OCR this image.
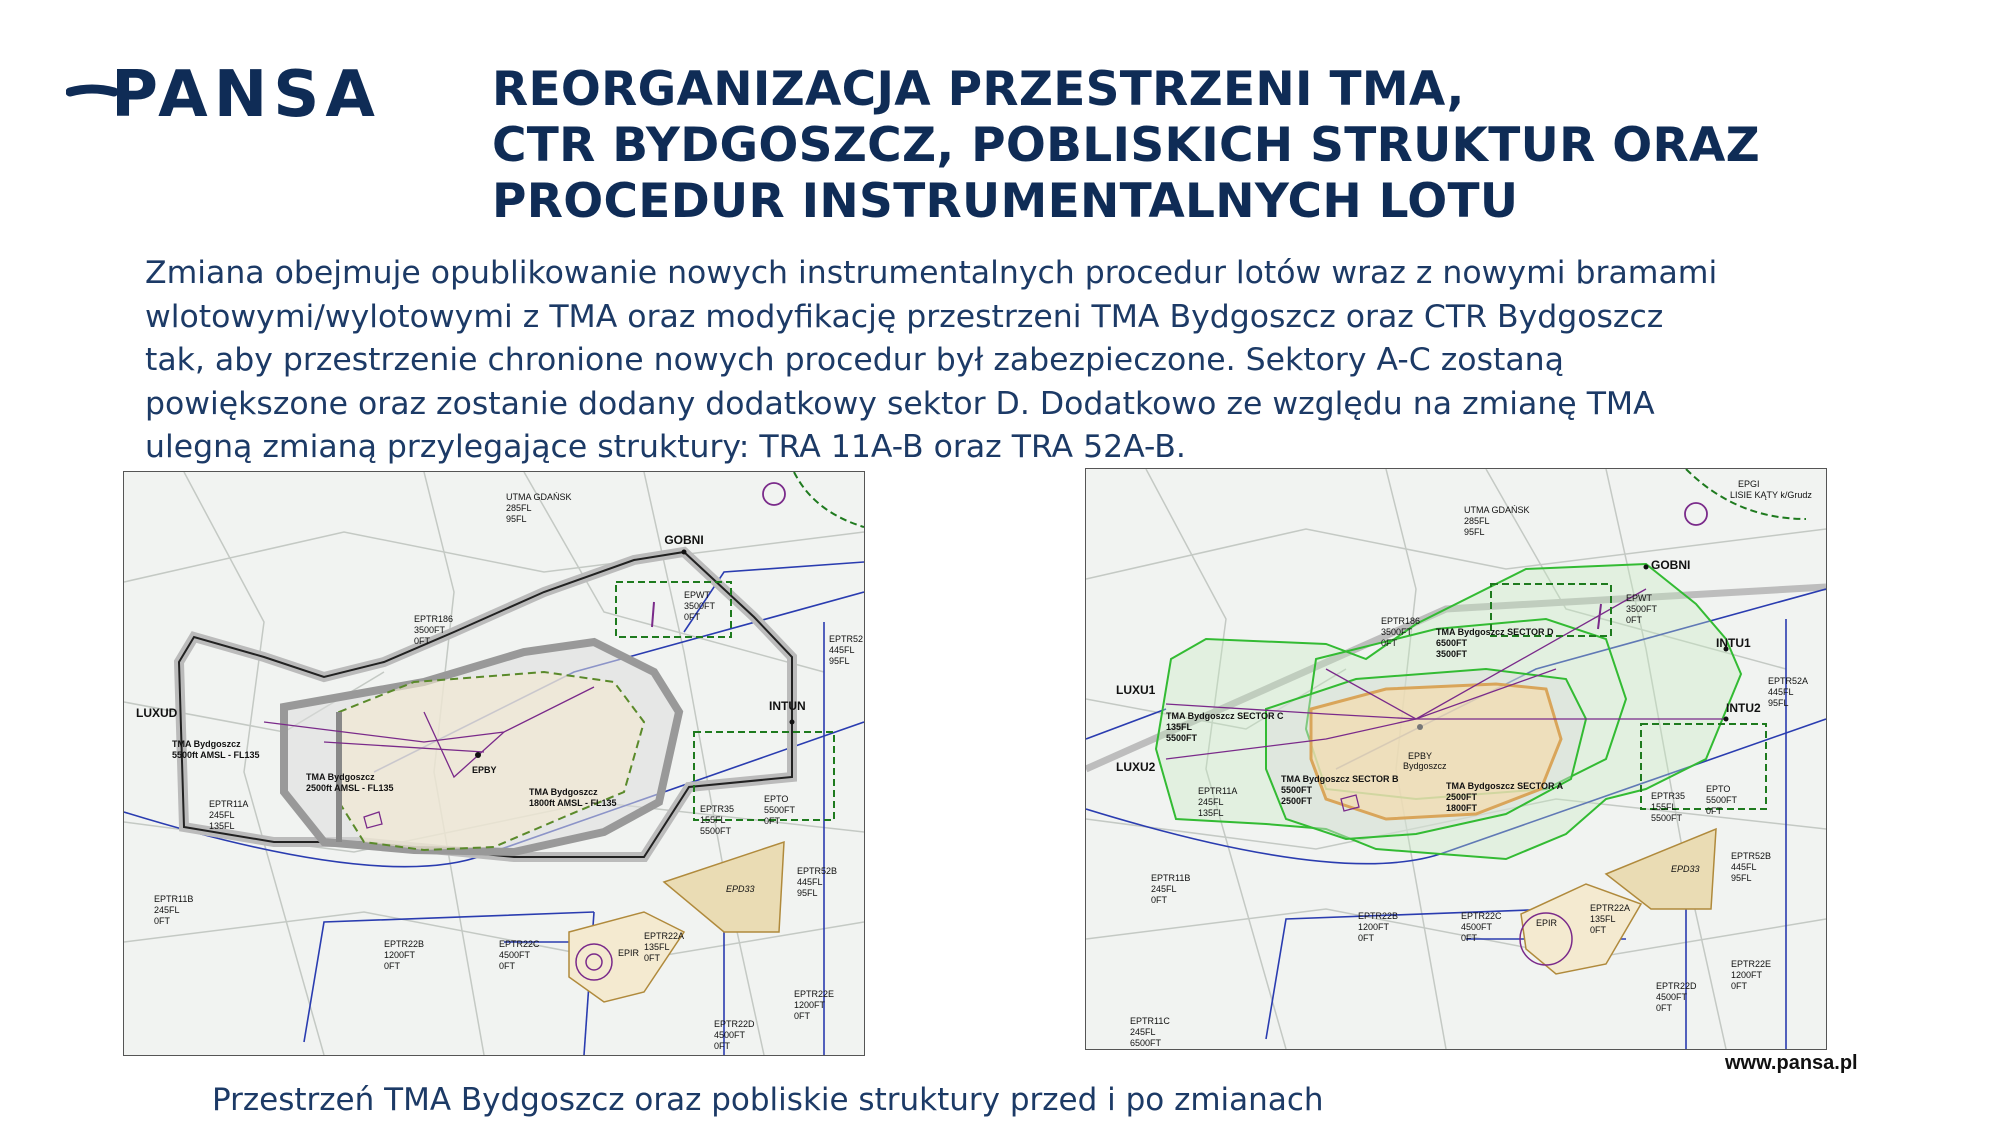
PANSA REORGANIZACJA PRZESTRZENI TMA,
CTR BYDGOSZCZ, POBLISKICH STRUKTUR ORAZ
PROCEDUR INSTRUMENTALNYCH LOTU

Zmiana obejmuje opublikowanie nowych instrumentalnych procedur lotów wraz z nowymi bramami
wlotowymi/wylotowymi z TMA oraz modyfikację przestrzeni TMA Bydgoszcz oraz CTR Bydgoszcz
tak, aby przestrzenie chronione nowych procedur był zabezpieczone. Sektory A-C zostaną
powiększone oraz zostanie dodany dodatkowy sektor D. Dodatkowo ze względu na zmianę TMA
ulegną zmianą przylegające struktury: TRA 11A-B oraz TRA 52A-B.

GOBNI
LUXUD	INTUN
EPBY
UTMA GDAŃSK
285FL
95FL
EPTR186
3500FT
0FT
EPWT
3500FT
0FT
EPTR52
445FL
95FL
TMA Bydgoszcz
5500ft AMSL - FL135
TMA Bydgoszcz
2500ft AMSL - FL135	TMA Bydgoszcz
1800ft AMSL - FL135
EPTR11A
245FL
135FL
EPTR35
155FL
5500FT
EPTO
5500FT
0FT
EPTR52B
445FL
95FL
EPD33
EPTR11B
245FL
0FT
EPTR22B
1200FT
0FT
EPTR22C
4500FT
0FT
EPTR22A
135FL
0FT
EPIR
EPTR22E
1200FT
0FT
EPTR22D
4500FT
0FT
GOBNI
LUXU1
LUXU2
INTU1
INTU2
EPBY
Bydgoszcz
EPGI
LISIE KĄTY k/Grudz
UTMA GDAŃSK
285FL
95FL
EPTR186
3500FT
0FT
TMA Bydgoszcz SECTOR D
6500FT
3500FT
EPWT
3500FT
0FT
EPTR52A
445FL
95FL
TMA Bydgoszcz SECTOR C
135FL
5500FT
TMA Bydgoszcz SECTOR B
5500FT
2500FT
TMA Bydgoszcz SECTOR A
2500FT
1800FT
EPTR11A
245FL
135FL
EPTR35
155FL
5500FT
EPTO
5500FT
0FT
EPTR52B
445FL
95FL
EPD33
EPTR11B
245FL
0FT
EPTR22B
1200FT
0FT
EPTR22C
4500FT
0FT
EPTR22A
135FL
0FT
EPIR
EPTR22E
1200FT
0FT
EPTR22D
4500FT
0FT
EPTR11C
245FL
6500FT
www.pansa.pl
Przestrzeń TMA Bydgoszcz oraz pobliskie struktury przed i po zmianach
